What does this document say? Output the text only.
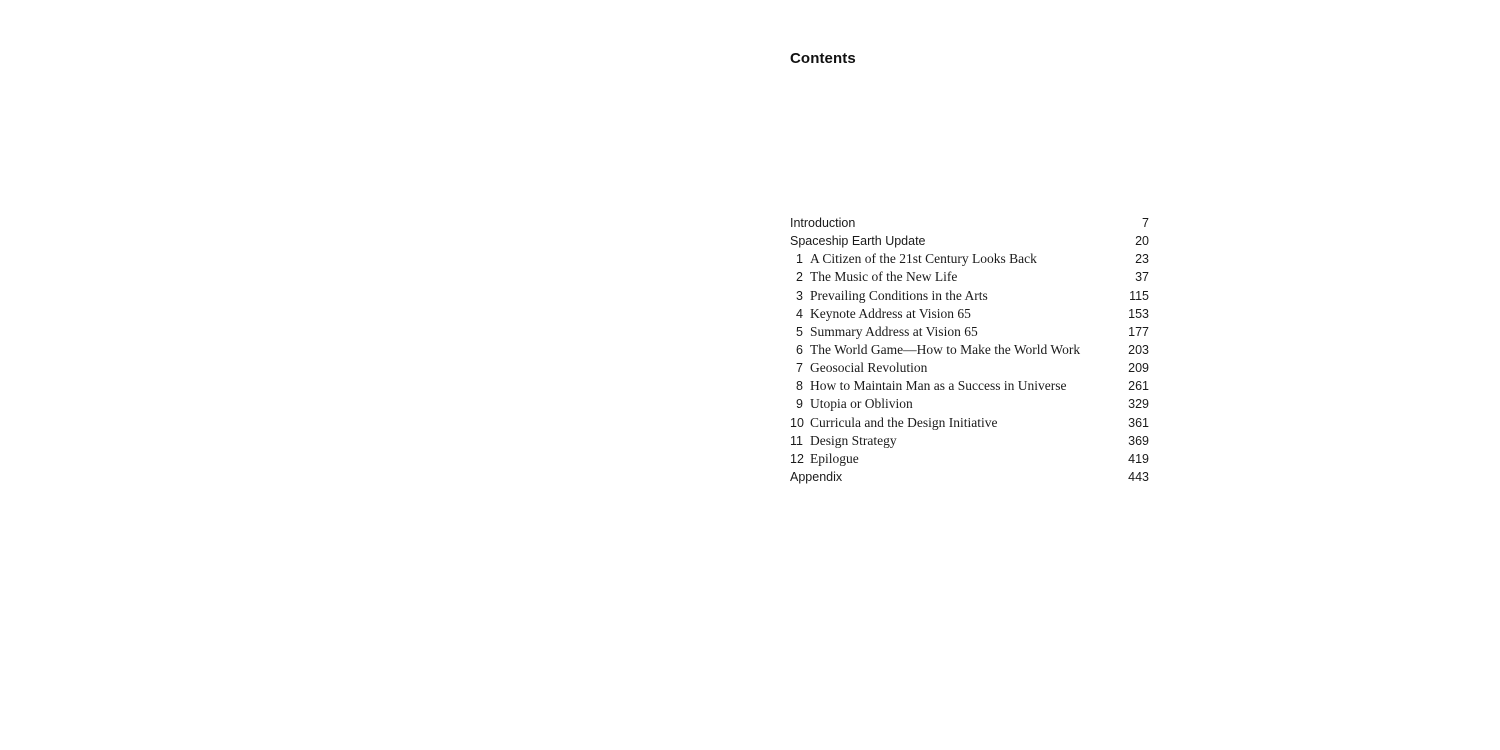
Contents
Introduction	7
Spaceship Earth Update	20
1 A Citizen of the 21st Century Looks Back	23
2 The Music of the New Life	37
3 Prevailing Conditions in the Arts	115
4 Keynote Address at Vision 65	153
5 Summary Address at Vision 65	177
6 The World Game—How to Make the World Work	203
7 Geosocial Revolution	209
8 How to Maintain Man as a Success in Universe	261
9 Utopia or Oblivion	329
10 Curricula and the Design Initiative	361
11 Design Strategy	369
12 Epilogue	419
Appendix	443
